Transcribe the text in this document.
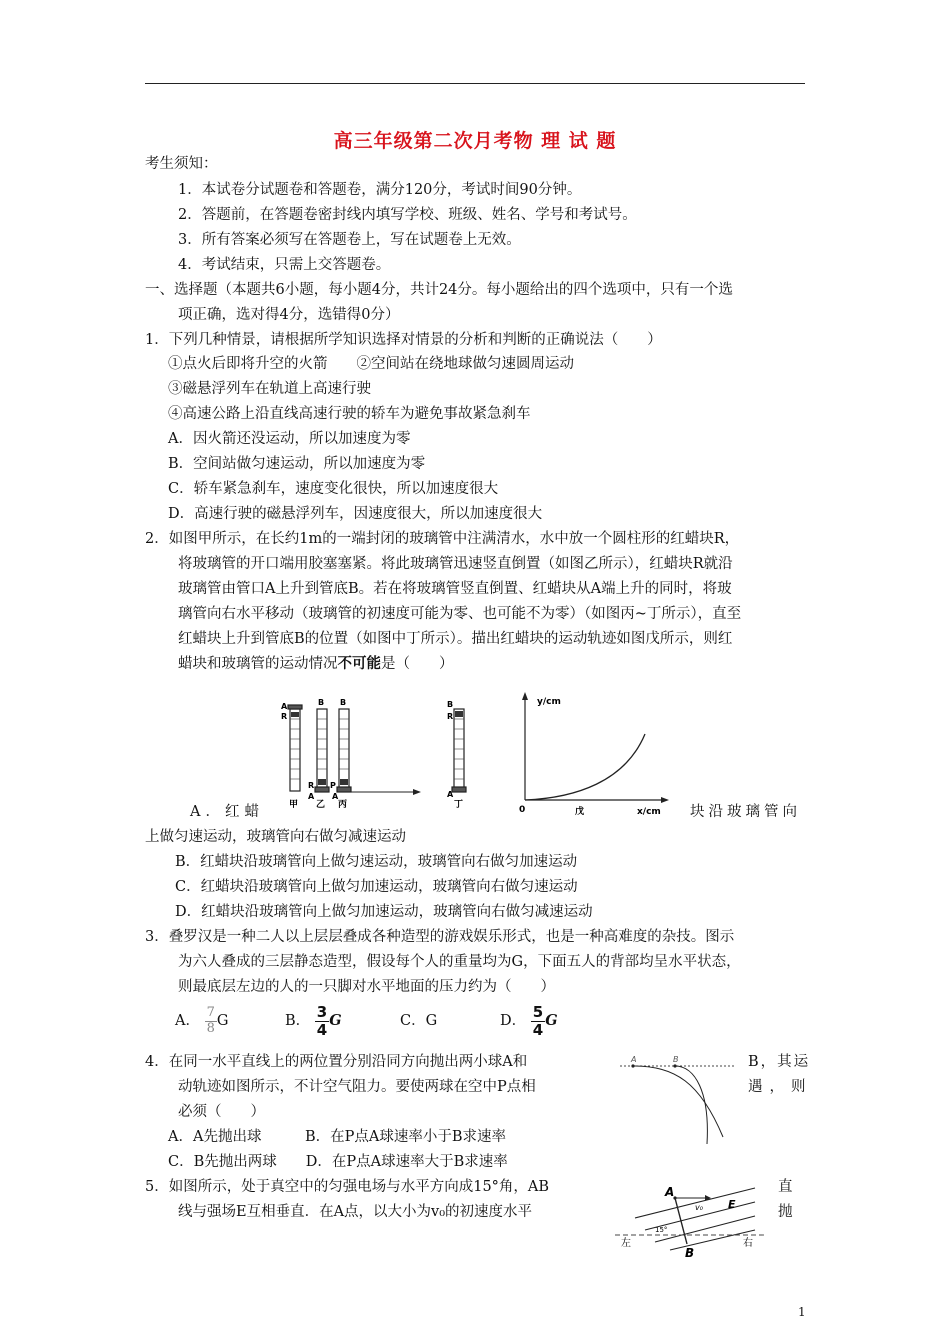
高三年级第二次月考物 理 试 题
考生须知：
1．本试卷分试题卷和答题卷，满分120分，考试时间90分钟。
2．答题前，在答题卷密封线内填写学校、班级、姓名、学号和考试号。
3．所有答案必须写在答题卷上，写在试题卷上无效。
4．考试结束，只需上交答题卷。
一、选择题（本题共6小题，每小题4分，共计24分。每小题给出的四个选项中，只有一个选
项正确，选对得4分，选错得0分）
1．下列几种情景，请根据所学知识选择对情景的分析和判断的正确说法（　　）
①点火后即将升空的火箭　　②空间站在绕地球做匀速圆周运动
③磁悬浮列车在轨道上高速行驶
④高速公路上沿直线高速行驶的轿车为避免事故紧急刹车
A．因火箭还没运动，所以加速度为零
B．空间站做匀速运动，所以加速度为零
C．轿车紧急刹车，速度变化很快，所以加速度很大
D．高速行驶的磁悬浮列车，因速度很大，所以加速度很大
2．如图甲所示，在长约1m的一端封闭的玻璃管中注满清水，水中放一个圆柱形的红蜡块R，
将玻璃管的开口端用胶塞塞紧。将此玻璃管迅速竖直倒置（如图乙所示），红蜡块R就沿
玻璃管由管口A上升到管底B。若在将玻璃管竖直倒置、红蜡块从A端上升的同时，将玻
璃管向右水平移动（玻璃管的初速度可能为零、也可能不为零）（如图丙~丁所示），直至
红蜡块上升到管底B的位置（如图中丁所示）。描出红蜡块的运动轨迹如图戊所示，则红
蜡块和玻璃管的运动情况不可能是（　　）
A
R
B B
R P
A A
甲 乙 丙
B
R
A
丁
y/cm
0	戊	x/cm
A．红蜡	块沿玻璃管向
上做匀速运动，玻璃管向右做匀减速运动
B．红蜡块沿玻璃管向上做匀速运动，玻璃管向右做匀加速运动
C．红蜡块沿玻璃管向上做匀加速运动，玻璃管向右做匀速运动
D．红蜡块沿玻璃管向上做匀加速运动，玻璃管向右做匀减速运动
3．叠罗汉是一种二人以上层层叠成各种造型的游戏娱乐形式，也是一种高难度的杂技。图示
为六人叠成的三层静态造型，假设每个人的重量均为G，下面五人的背部均呈水平状态，
则最底层左边的人的一只脚对水平地面的压力约为（　　）
A． $\frac{7}{8}$ G	B． $\frac{3}{4}$ G	C．G	D． $\frac{5}{4}$ G
4．在同一水平直线上的两位置分别沿同方向抛出两小球A和	B，其运
动轨迹如图所示，不计空气阻力。要使两球在空中P点相	遇，则
必须（　　）
A．A先抛出球　　　B．在P点A球速率小于B求速率
C．B先抛出两球　　D．在P点A球速率大于B求速率
A	B
5．如图所示，处于真空中的匀强电场与水平方向成15°角，AB	直
线与强场E互相垂直．在A点，以大小为v₀的初速度水平	抛
A
B
E
v₀
15°
左	右
1
